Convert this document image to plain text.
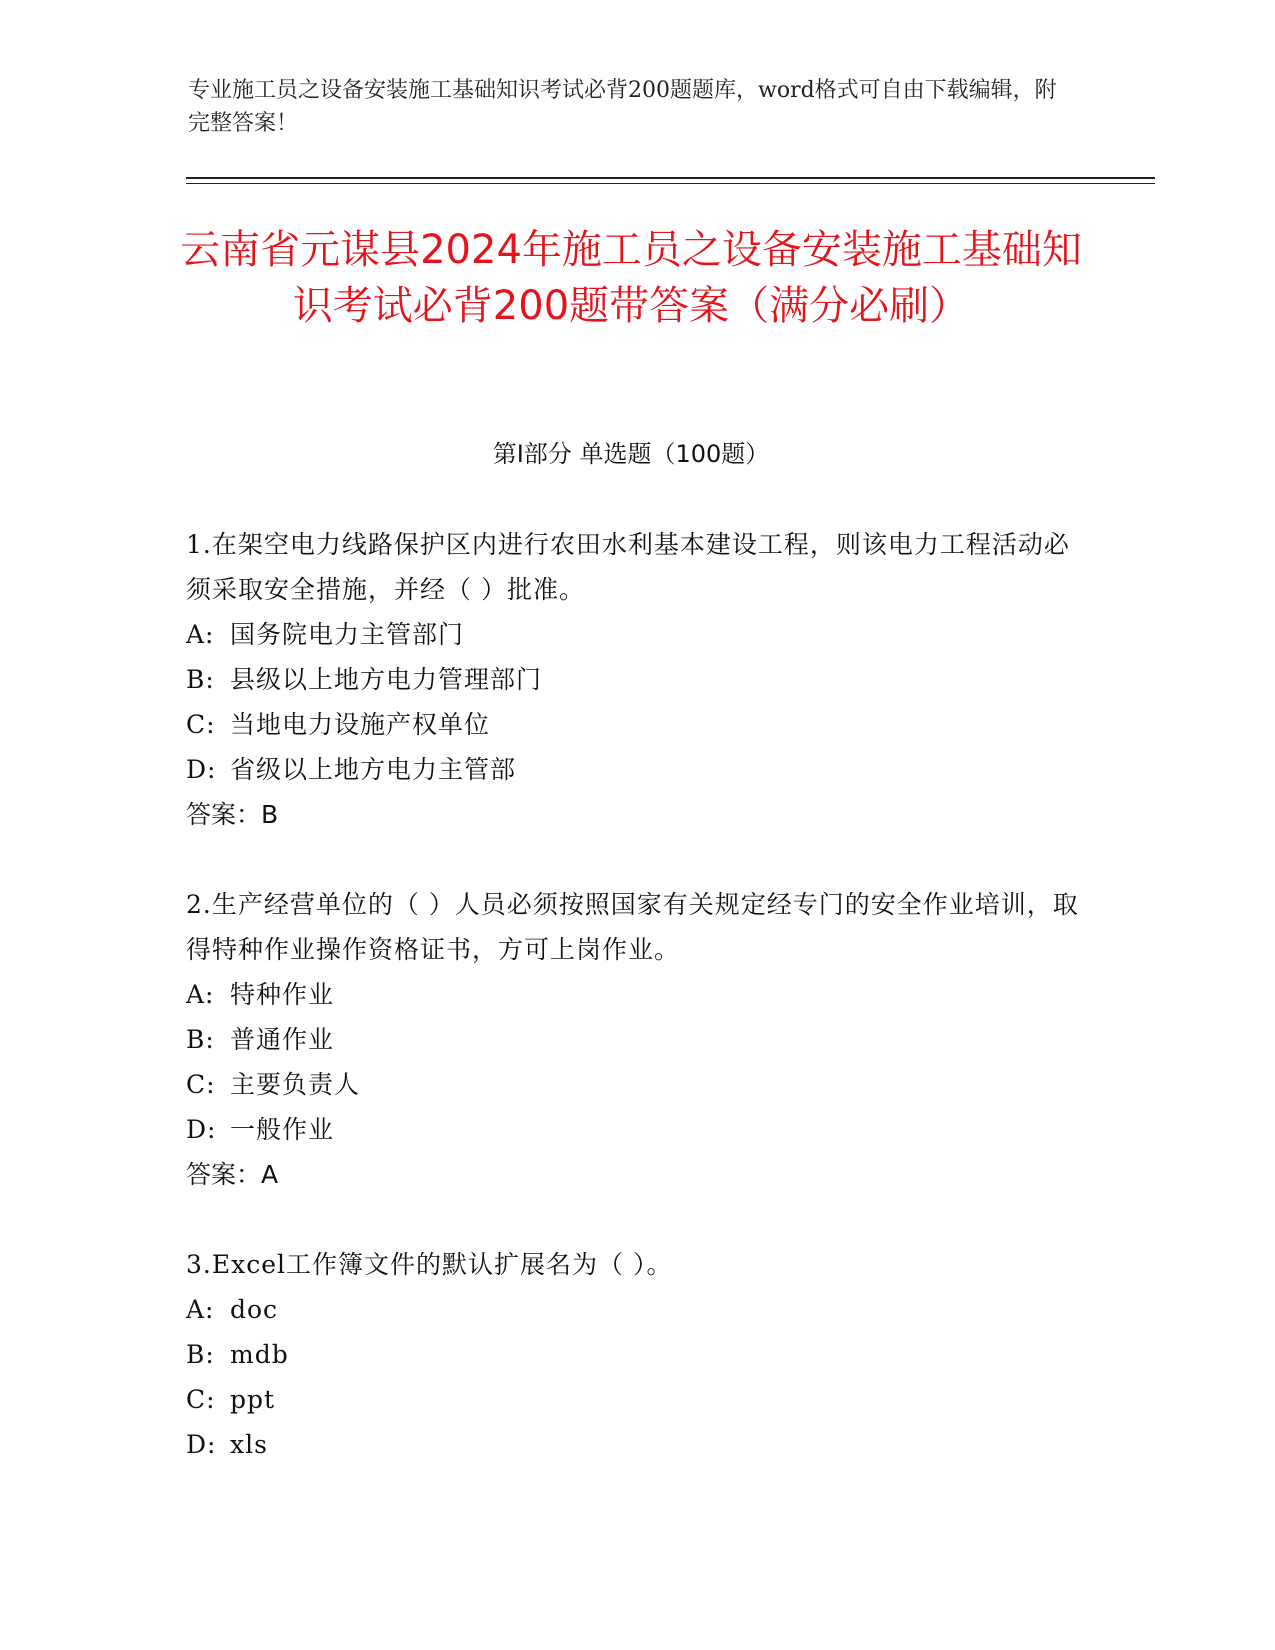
专业施工员之设备安装施工基础知识考试必背200题题库，word格式可自由下载编辑，附完整答案！
云南省元谋县2024年施工员之设备安装施工基础知识考试必背200题带答案（满分必刷）
第I部分 单选题（100题）
1.在架空电力线路保护区内进行农田水利基本建设工程，则该电力工程活动必须采取安全措施，并经（ ）批准。
A: 国务院电力主管部门
B: 县级以上地方电力管理部门
C: 当地电力设施产权单位
D: 省级以上地方电力主管部
答案：B
2.生产经营单位的（ ）人员必须按照国家有关规定经专门的安全作业培训，取得特种作业操作资格证书，方可上岗作业。
A: 特种作业
B: 普通作业
C: 主要负责人
D: 一般作业
答案：A
3.Excel工作簿文件的默认扩展名为（ ）。
A: doc
B: mdb
C: ppt
D: xls
